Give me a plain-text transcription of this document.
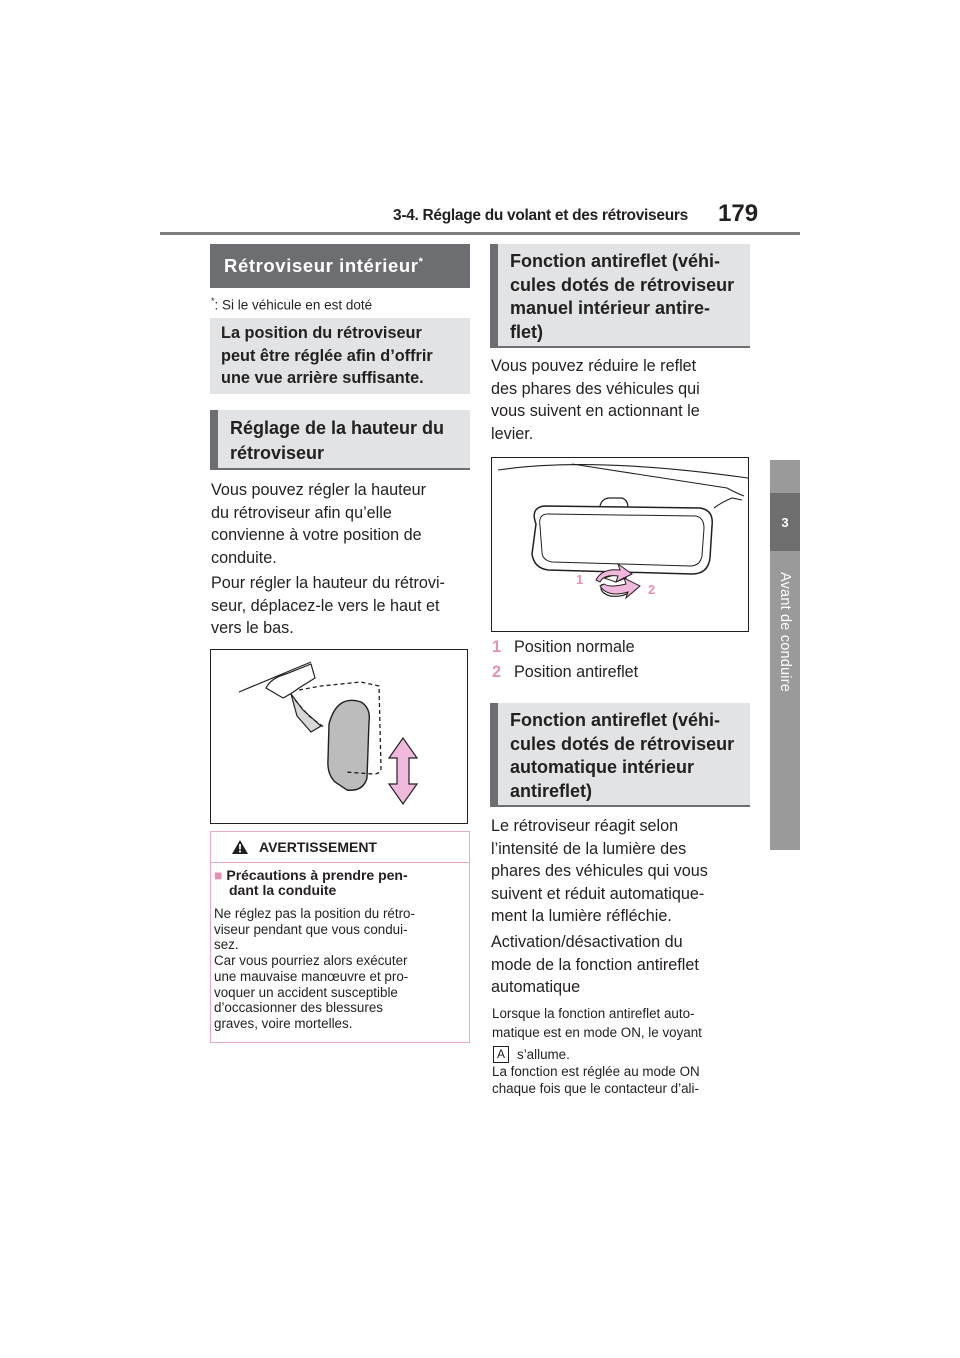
3-4. Réglage du volant et des rétroviseurs 179
3
Avant de conduire
Rétroviseur intérieur*
*: Si le véhicule en est doté
La position du rétroviseur
peut être réglée afin d’offrir
une vue arrière suffisante.
Réglage de la hauteur du
rétroviseur
Vous pouvez régler la hauteur
du rétroviseur afin qu’elle
convienne à votre position de
conduite.
Pour régler la hauteur du rétrovi-
seur, déplacez-le vers le haut et
vers le bas.
AVERTISSEMENT
■ Précautions à prendre pen-
dant la conduite
Ne réglez pas la position du rétro-
viseur pendant que vous condui-
sez.
Car vous pourriez alors exécuter
une mauvaise manœuvre et pro-
voquer un accident susceptible
d’occasionner des blessures
graves, voire mortelles.
Fonction antireflet (véhi-
cules dotés de rétroviseur
manuel intérieur antire-
flet)
Vous pouvez réduire le reflet
des phares des véhicules qui
vous suivent en actionnant le
levier.
1
2
1 Position normale
2 Position antireflet
Fonction antireflet (véhi-
cules dotés de rétroviseur
automatique intérieur
antireflet)
Le rétroviseur réagit selon
l’intensité de la lumière des
phares des véhicules qui vous
suivent et réduit automatique-
ment la lumière réfléchie.
Activation/désactivation du
mode de la fonction antireflet
automatique
Lorsque la fonction antireflet auto-
matique est en mode ON, le voyant
A s’allume.
La fonction est réglée au mode ON
chaque fois que le contacteur d’ali-
